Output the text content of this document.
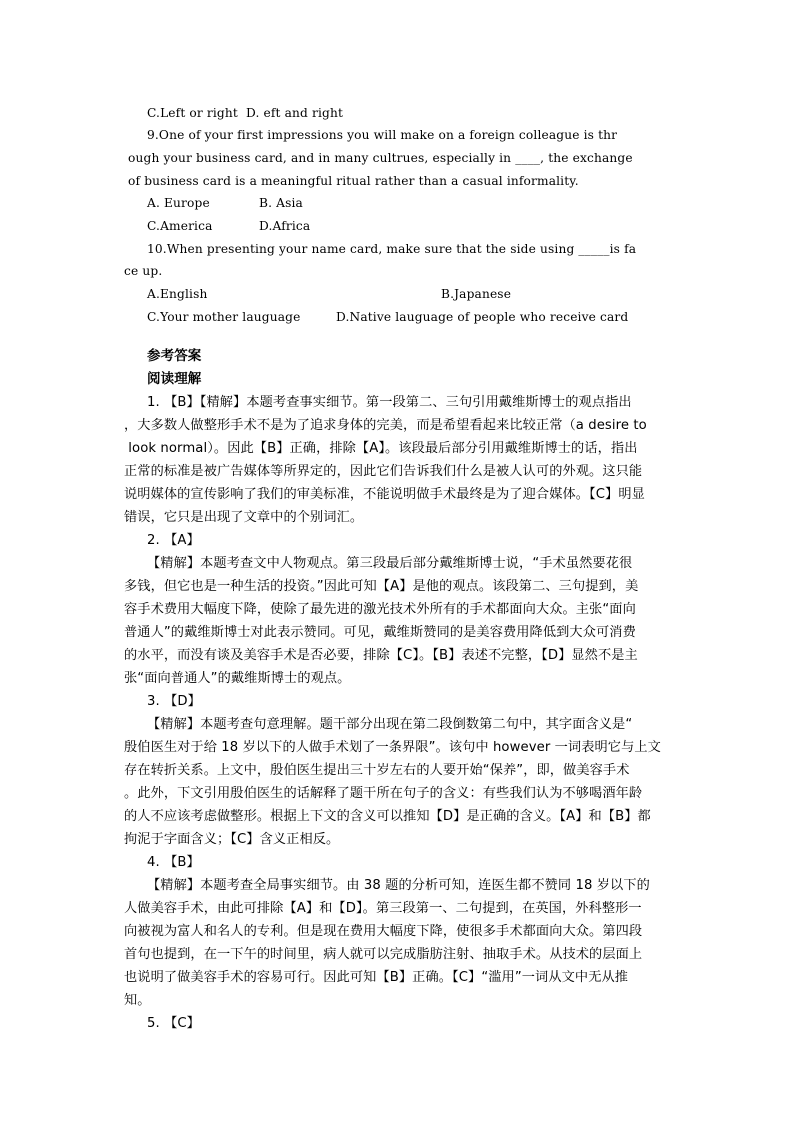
C.Left or right  D. eft and right
9.One of your first impressions you will make on a foreign colleague is thr
ough your business card, and in many cultrues, especially in ____, the exchange
of business card is a meaningful ritual rather than a casual informality.
A. Europe	B. Asia
C.America	D.Africa
10.When presenting your name card, make sure that the side using _____is fa
ce up.
A.English	B.Japanese
C.Your mother lauguage	D.Native lauguage of people who receive card
参考答案
阅读理解
1. 【B】【精解】本题考查事实细节。第一段第二、三句引用戴维斯博士的观点指出
，大多数人做整形手术不是为了追求身体的完美，而是希望看起来比较正常（a desire to
look normal）。因此【B】正确，排除【A】。该段最后部分引用戴维斯博士的话，指出
正常的标准是被广告媒体等所界定的，因此它们告诉我们什么是被人认可的外观。这只能
说明媒体的宣传影响了我们的审美标准，不能说明做手术最终是为了迎合媒体。【C】明显
错误，它只是出现了文章中的个别词汇。
2. 【A】
【精解】本题考查文中人物观点。第三段最后部分戴维斯博士说，“手术虽然要花很
多钱，但它也是一种生活的投资。”因此可知【A】是他的观点。该段第二、三句提到，美
容手术费用大幅度下降，使除了最先进的激光技术外所有的手术都面向大众。主张“面向
普通人”的戴维斯博士对此表示赞同。可见，戴维斯赞同的是美容费用降低到大众可消费
的水平，而没有谈及美容手术是否必要，排除【C】。【B】表述不完整，【D】显然不是主
张“面向普通人”的戴维斯博士的观点。
3. 【D】
【精解】本题考查句意理解。题干部分出现在第二段倒数第二句中，其字面含义是“
殷伯医生对于给 18 岁以下的人做手术划了一条界限”。该句中 however 一词表明它与上文
存在转折关系。上文中，殷伯医生提出三十岁左右的人要开始“保养”，即，做美容手术
。此外，下文引用殷伯医生的话解释了题干所在句子的含义：有些我们认为不够喝酒年龄
的人不应该考虑做整形。根据上下文的含义可以推知【D】是正确的含义。【A】和【B】都
拘泥于字面含义；【C】含义正相反。
4. 【B】
【精解】本题考查全局事实细节。由 38 题的分析可知，连医生都不赞同 18 岁以下的
人做美容手术，由此可排除【A】和【D】。第三段第一、二句提到，在英国，外科整形一
向被视为富人和名人的专利。但是现在费用大幅度下降，使很多手术都面向大众。第四段
首句也提到，在一下午的时间里，病人就可以完成脂肪注射、抽取手术。从技术的层面上
也说明了做美容手术的容易可行。因此可知【B】正确。【C】“滥用”一词从文中无从推
知。
5. 【C】
